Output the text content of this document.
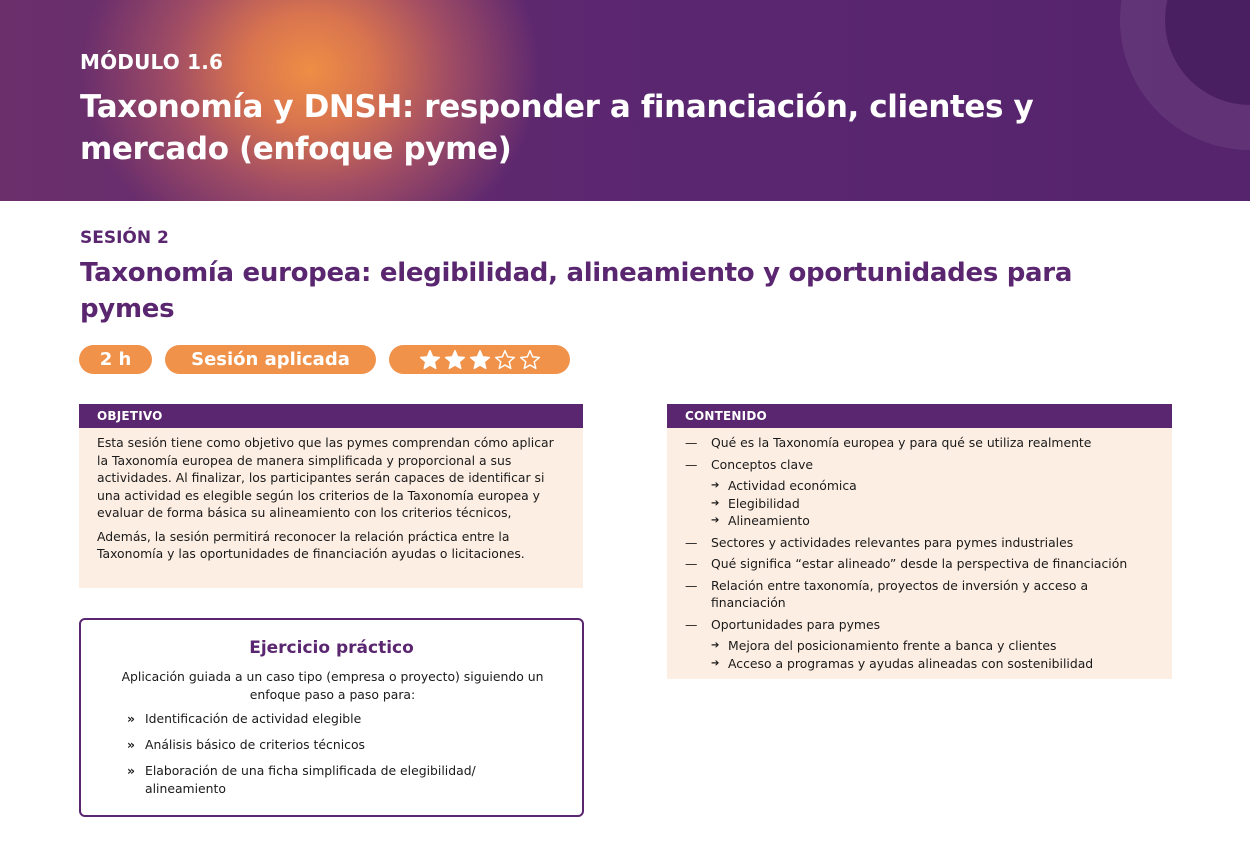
MÓDULO 1.6
Taxonomía y DNSH: responder a financiación, clientes y mercado (enfoque pyme)
SESIÓN 2
Taxonomía europea: elegibilidad, alineamiento y oportunidades para pymes
2 h	Sesión aplicada
OBJETIVO

Esta sesión tiene como objetivo que las pymes comprendan cómo aplicar la Taxonomía europea de manera simplificada y proporcional a sus actividades. Al finalizar, los participantes serán capaces de identificar si una actividad es elegible según los criterios de la Taxonomía europea y evaluar de forma básica su alineamiento con los criterios técnicos,

Además, la sesión permitirá reconocer la relación práctica entre la Taxonomía y las oportunidades de financiación ayudas o licitaciones.

CONTENIDO
—	Qué es la Taxonomía europea y para qué se utiliza realmente
—	Conceptos clave
➔ Actividad económica
➔ Elegibilidad
➔ Alineamiento
—	Sectores y actividades relevantes para pymes industriales
—	Qué significa “estar alineado” desde la perspectiva de financiación
—	Relación entre taxonomía, proyectos de inversión y acceso a financiación
—	Oportunidades para pymes
➔ Mejora del posicionamiento frente a banca y clientes
➔ Acceso a programas y ayudas alineadas con sostenibilidad
Ejercicio práctico
Aplicación guiada a un caso tipo (empresa o proyecto) siguiendo un enfoque paso a paso para:
» Identificación de actividad elegible
» Análisis básico de criterios técnicos
» Elaboración de una ficha simplificada de elegibilidad/ alineamiento
